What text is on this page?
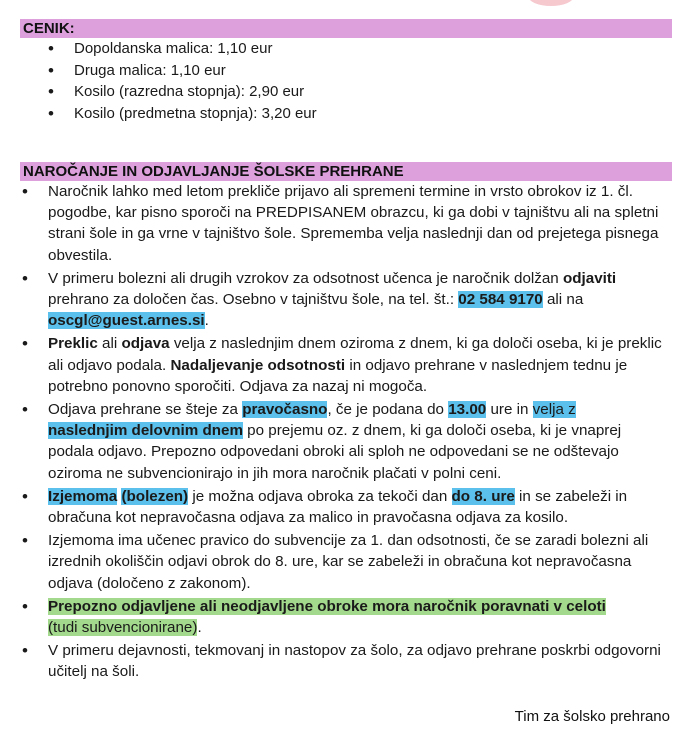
CENIK:
• Dopoldanska malica: 1,10 eur
• Druga malica: 1,10 eur
• Kosilo (razredna stopnja): 2,90 eur
• Kosilo (predmetna stopnja): 3,20 eur
NAROČANJE IN ODJAVLJANJE ŠOLSKE PREHRANE
• Naročnik lahko med letom prekliče prijavo ali spremeni termine in vrsto obrokov iz 1. čl. pogodbe, kar pisno sporoči na PREDPISANEM obrazcu, ki ga dobi v tajništvu ali na spletni strani šole in ga vrne v tajništvo šole. Sprememba velja naslednji dan od prejetega pisnega obvestila.
• V primeru bolezni ali drugih vzrokov za odsotnost učenca je naročnik dolžan odjaviti prehrano za določen čas. Osebno v tajništvu šole, na tel. št.: 02 584 9170 ali na oscgl@guest.arnes.si.
• Preklic ali odjava velja z naslednjim dnem oziroma z dnem, ki ga določi oseba, ki je preklic ali odjavo podala. Nadaljevanje odsotnosti in odjavo prehrane v naslednjem tednu je potrebno ponovno sporočiti. Odjava za nazaj ni mogoča.
• Odjava prehrane se šteje za pravočasno, če je podana do 13.00 ure in velja z
naslednjim delovnim dnem po prejemu oz. z dnem, ki ga določi oseba, ki je vnaprej podala odjavo. Prepozno odpovedani obroki ali sploh ne odpovedani se ne odštevajo oziroma ne subvencionirajo in jih mora naročnik plačati v polni ceni.
• Izjemoma (bolezen) je možna odjava obroka za tekoči dan do 8. ure in se zabeleži in obračuna kot nepravočasna odjava za malico in pravočasna odjava za kosilo.
• Izjemoma ima učenec pravico do subvencije za 1. dan odsotnosti, če se zaradi bolezni ali izrednih okoliščin odjavi obrok do 8. ure, kar se zabeleži in obračuna kot nepravočasna odjava (določeno z zakonom).
• Prepozno odjavljene ali neodjavljene obroke mora naročnik poravnati v celoti
(tudi subvencionirane).
• V primeru dejavnosti, tekmovanj in nastopov za šolo, za odjavo prehrane poskrbi odgovorni učitelj na šoli.
Tim za šolsko prehrano
